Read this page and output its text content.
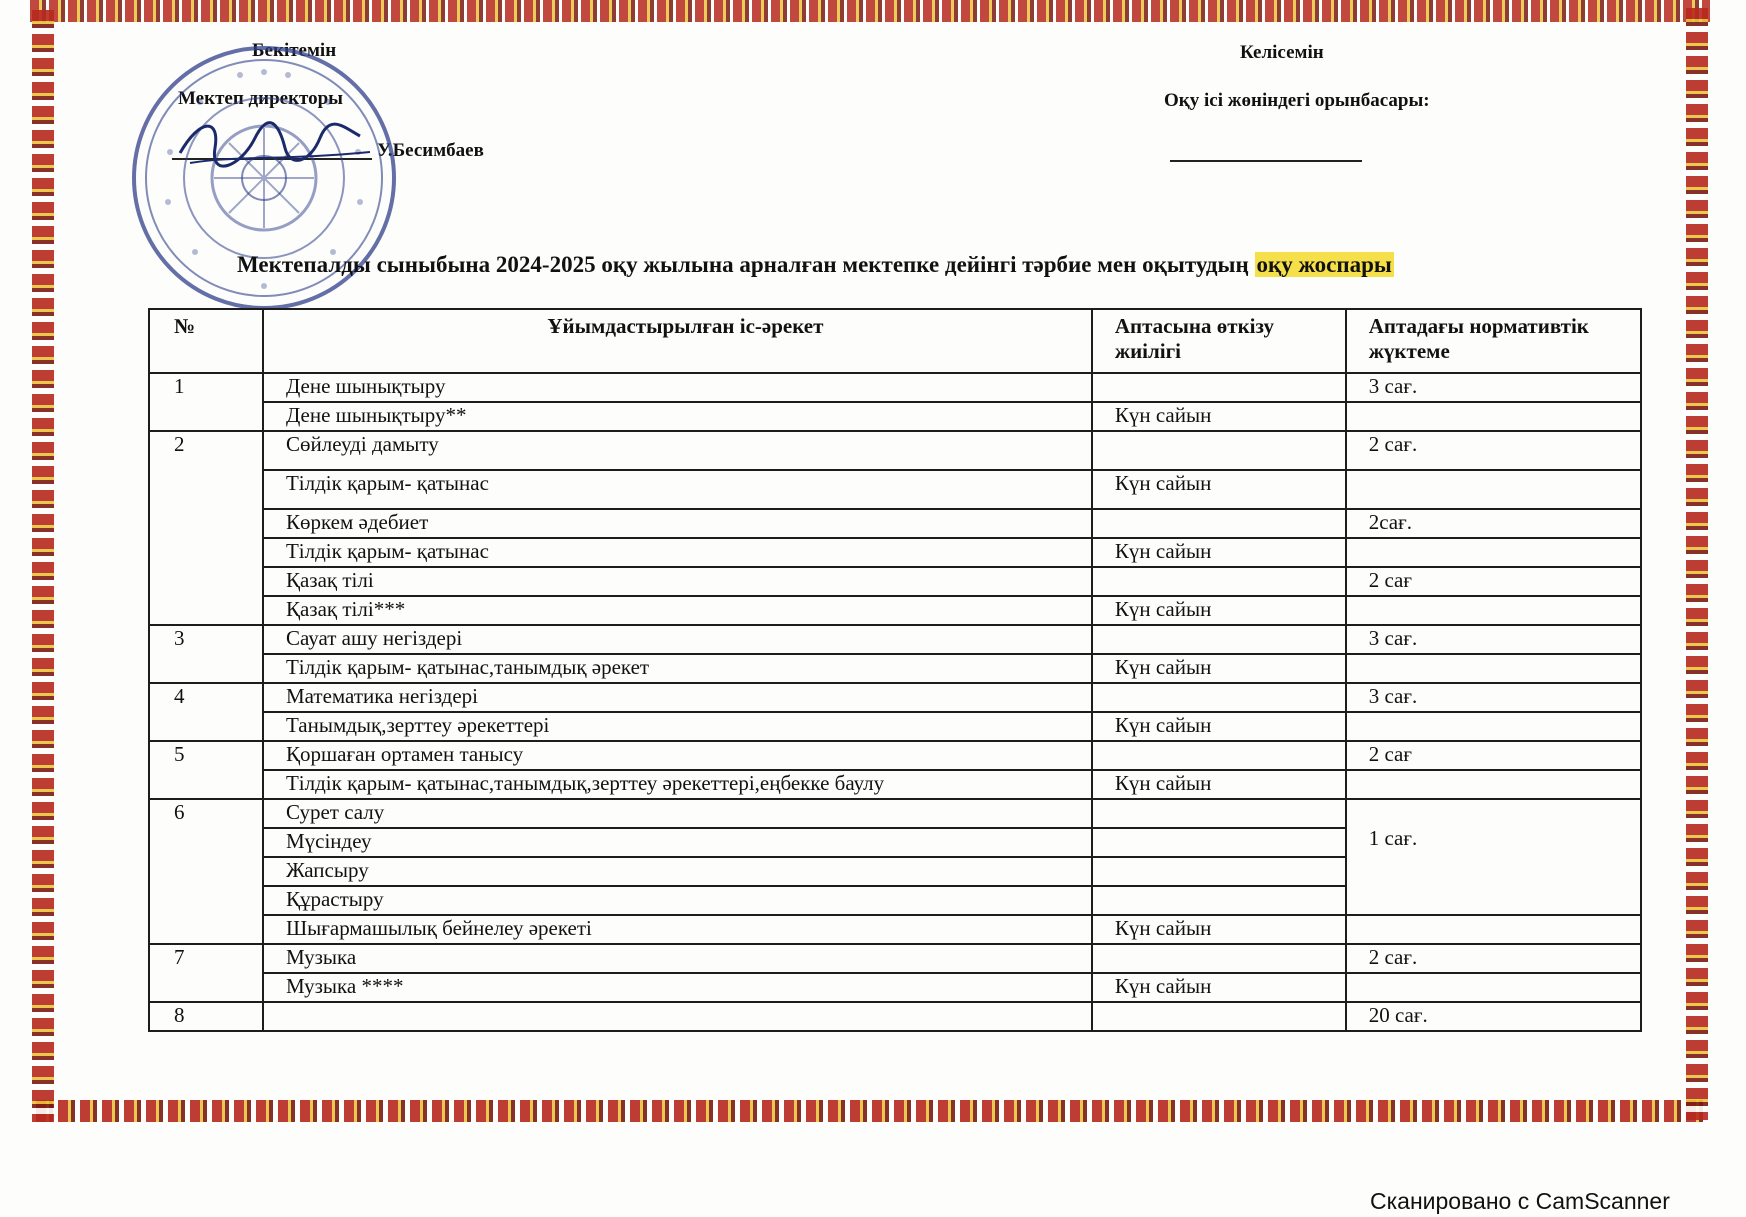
Бекітемін
Мектеп директоры
У.Бесимбаев
Келісемін
Оқу ісі жөніндегі орынбасары:
Мектепалды сыныбына 2024-2025 оқу жылына арналған мектепке дейінгі тәрбие мен оқытудың оқу жоспары
№	Ұйымдастырылған іс-әрекет	Аптасына өткізу жиілігі	Аптадағы нормативтік жүктеме
1	Дене шынықтыру		3 сағ.
	Дене шынықтыру**	Күн сайын	
2	Сөйлеуді дамыту		2 сағ.
	Тілдік қарым- қатынас	Күн сайын	
	Көркем әдебиет		2сағ.
	Тілдік қарым- қатынас	Күн сайын	
	Қазақ тілі		2 сағ
	Қазақ тілі***	Күн сайын	
3	Сауат ашу негіздері		3 сағ.
	Тілдік қарым- қатынас,танымдық әрекет	Күн сайын	
4	Математика негіздері		3 сағ.
	Танымдық,зерттеу әрекеттері	Күн сайын	
5	Қоршаған ортамен танысу		2 сағ
	Тілдік қарым- қатынас,танымдық,зерттеу әрекеттері,еңбекке баулу	Күн сайын	
6	Сурет салу		1 сағ.
	Мүсіндеу		
	Жапсыру		
	Құрастыру		
	Шығармашылық бейнелеу әрекеті	Күн сайын	
7	Музыка		2 сағ.
	Музыка ****	Күн сайын	
8			20 сағ.
Сканировано с CamScanner
